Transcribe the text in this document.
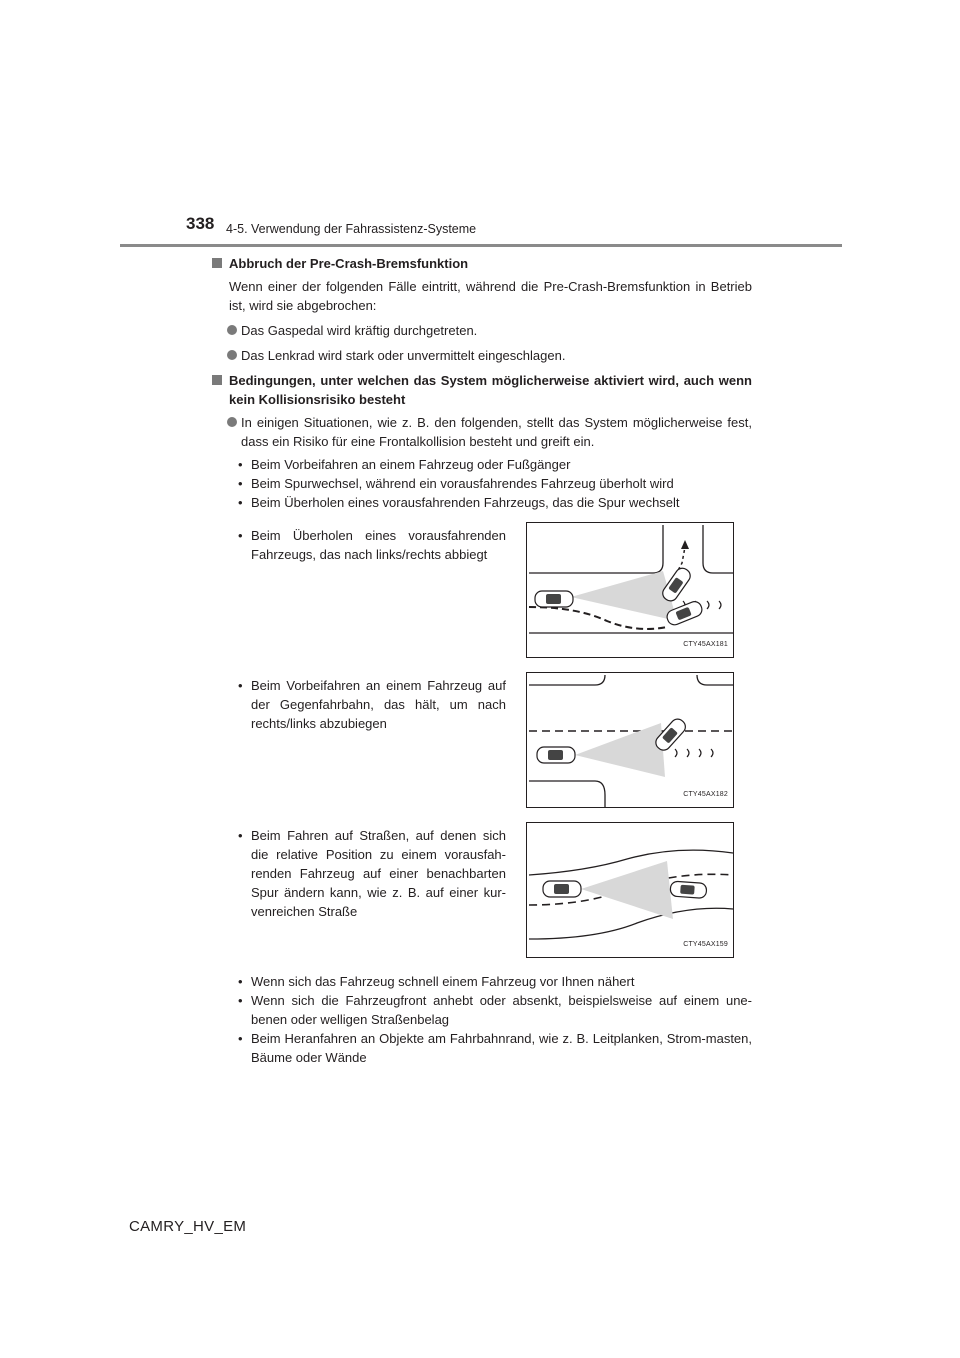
338 4-5. Verwendung der Fahrassistenz-Systeme
Abbruch der Pre-Crash-Bremsfunktion
Wenn einer der folgenden Fälle eintritt, während die Pre-Crash-Bremsfunktion in Betrieb ist, wird sie abgebrochen:
Das Gaspedal wird kräftig durchgetreten.
Das Lenkrad wird stark oder unvermittelt eingeschlagen.
Bedingungen, unter welchen das System möglicherweise aktiviert wird, auch wenn kein Kollisionsrisiko besteht
In einigen Situationen, wie z. B. den folgenden, stellt das System möglicherweise fest, dass ein Risiko für eine Frontalkollision besteht und greift ein.
• Beim Vorbeifahren an einem Fahrzeug oder Fußgänger
• Beim Spurwechsel, während ein vorausfahrendes Fahrzeug überholt wird
• Beim Überholen eines vorausfahrenden Fahrzeugs, das die Spur wechselt
• Beim Überholen eines vorausfahrenden Fahrzeugs, das nach links/rechts abbiegt
CTY45AX181
• Beim Vorbeifahren an einem Fahrzeug auf der Gegenfahrbahn, das hält, um nach rechts/links abzubiegen
CTY45AX182
• Beim Fahren auf Straßen, auf denen sich die relative Position zu einem vorausfah-renden Fahrzeug auf einer benachbarten Spur ändern kann, wie z. B. auf einer kur-venreichen Straße
CTY45AX159
• Wenn sich das Fahrzeug schnell einem Fahrzeug vor Ihnen nähert
• Wenn sich die Fahrzeugfront anhebt oder absenkt, beispielsweise auf einem une-benen oder welligen Straßenbelag
• Beim Heranfahren an Objekte am Fahrbahnrand, wie z. B. Leitplanken, Strom-masten, Bäume oder Wände
CAMRY_HV_EM
